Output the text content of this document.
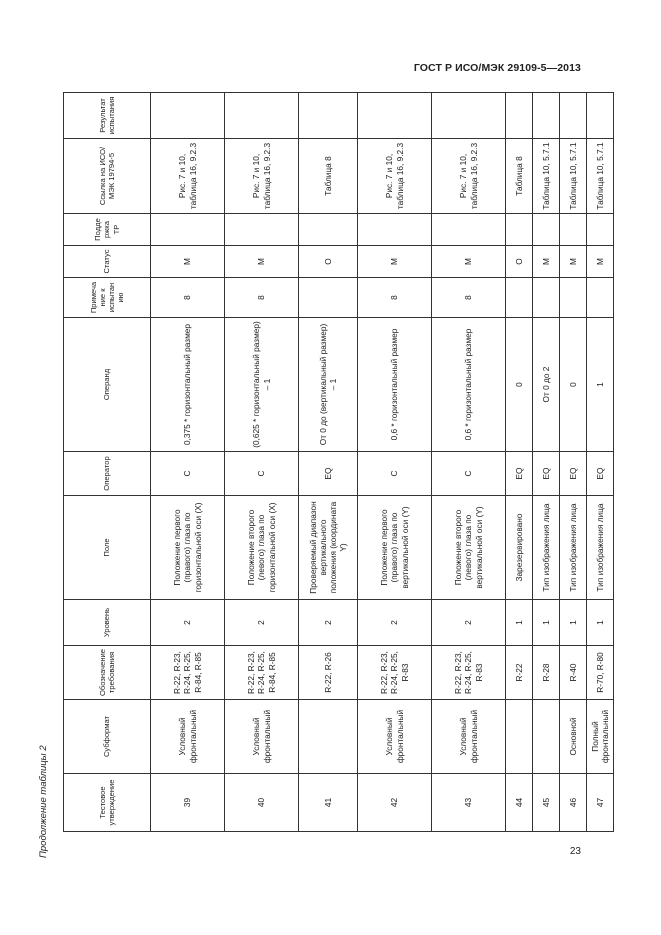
ГОСТ Р ИСО/МЭК 29109-5—2013
Продолжение таблицы 2	Тестовое утверждение	Субформат	Обозначение требования	Уровень	Поле	Оператор	Операнд	Примечание к испытанию	Статус	Поддержка ТР	Ссылка на ИСО/МЭК 19794-5	Результат испытания
39	Условный фронтальный	R-22, R-23, R-24, R-25, R-84, R-85	2	Положение первого (правого) глаза по горизонтальной оси (X)	C	0,375 * горизонтальный размер	8	M		Рис. 7 и 10, таблица 16, 9.2.3	
40	Условный фронтальный	R-22, R-23, R-24, R-25, R-84, R-85	2	Положение второго (левого) глаза по горизонтальной оси (X)	C	(0,625 * горизонтальный размер) – 1	8	M		Рис. 7 и 10, таблица 16, 9.2.3	
41		R-22, R-26	2	Проверяемый диапазон вертикального положения (координата Y)	EQ	От 0 до (вертикальный размер) – 1		O		Таблица 8	
42	Условный фронтальный	R-22, R-23, R-24, R-25, R-83	2	Положение первого (правого) глаза по вертикальной оси (Y)	C	0,6 * горизонтальный размер	8	M		Рис. 7 и 10, таблица 16, 9.2.3	
43	Условный фронтальный	R-22, R-23, R-24, R-25, R-83	2	Положение второго (левого) глаза по вертикальной оси (Y)	C	0,6 * горизонтальный размер	8	M		Рис. 7 и 10, таблица 16, 9.2.3	
44		R-22	1	Зарезервировано	EQ	0		O		Таблица 8	
45		R-28	1	Тип изображения лица	EQ	От 0 до 2		M		Таблица 10, 5.7.1	
46	Основной	R-40	1	Тип изображения лица	EQ	0		M		Таблица 10, 5.7.1	
47	Полный фронтальный	R-70, R-80	1	Тип изображения лица	EQ	1		M		Таблица 10, 5.7.1	
23
